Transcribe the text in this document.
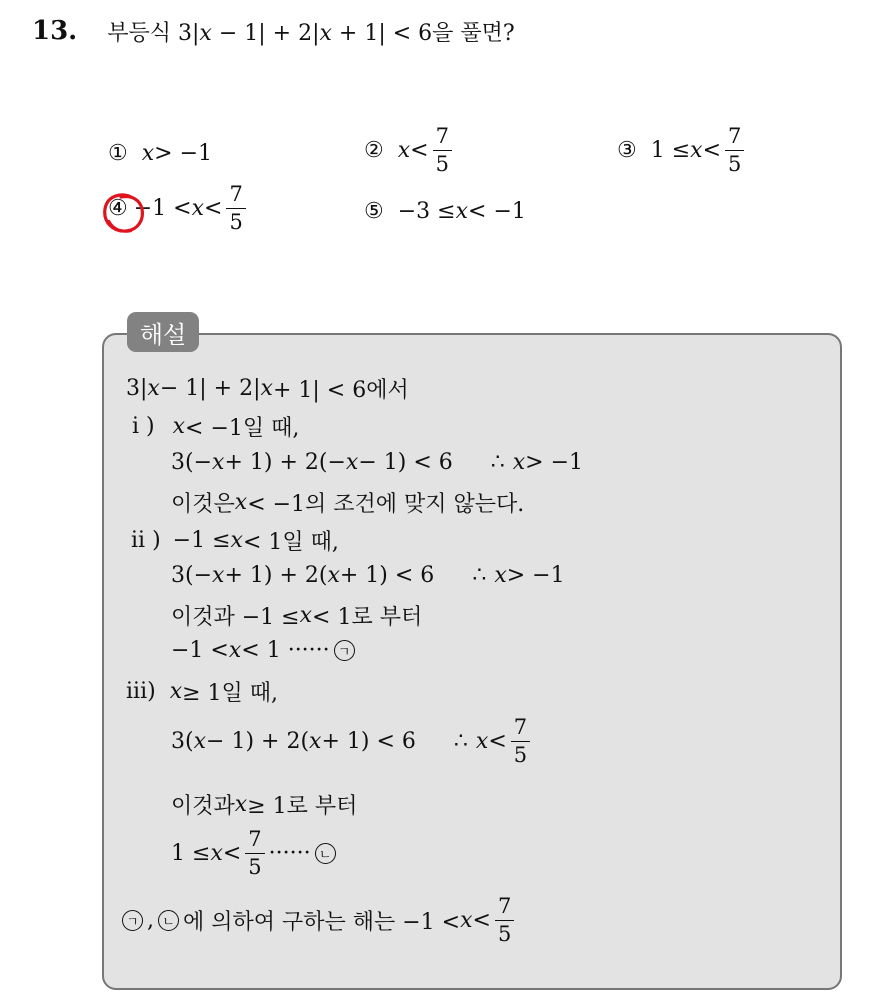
13. 부등식 3|x − 1| + 2|x + 1| < 6을 풀면?
① x > −1	② $x < \frac{7}{5}$	③ $1 \le x < \frac{7}{5}$
④ $-1 < x < \frac{7}{5}$	⑤ −3 ≤ x < −1
해설
3| x − 1| + 2| x + 1| < 6에서
i ) x < −1일 때,
3(− x + 1) + 2(− x − 1) < 6 ∴ x > −1
이것은 x < −1의 조건에 맞지 않는다.
ii ) −1 ≤ x < 1일 때,
3(− x + 1) + 2( x + 1) < 6 ∴ x > −1
이것과 −1 ≤ x < 1로 부터
−1 < x < 1 ······ ㄱ
iii) x ≥ 1일 때,
3( x − 1) + 2( x + 1) < 6 ∴ $x < \frac{7}{5}$
이것과 x ≥ 1로 부터
$1 \le x < \frac{7}{5}$ ······ ㄴ
ㄱ , ㄴ 에 의하여 구하는 해는 $-1 < x < \frac{7}{5}$
